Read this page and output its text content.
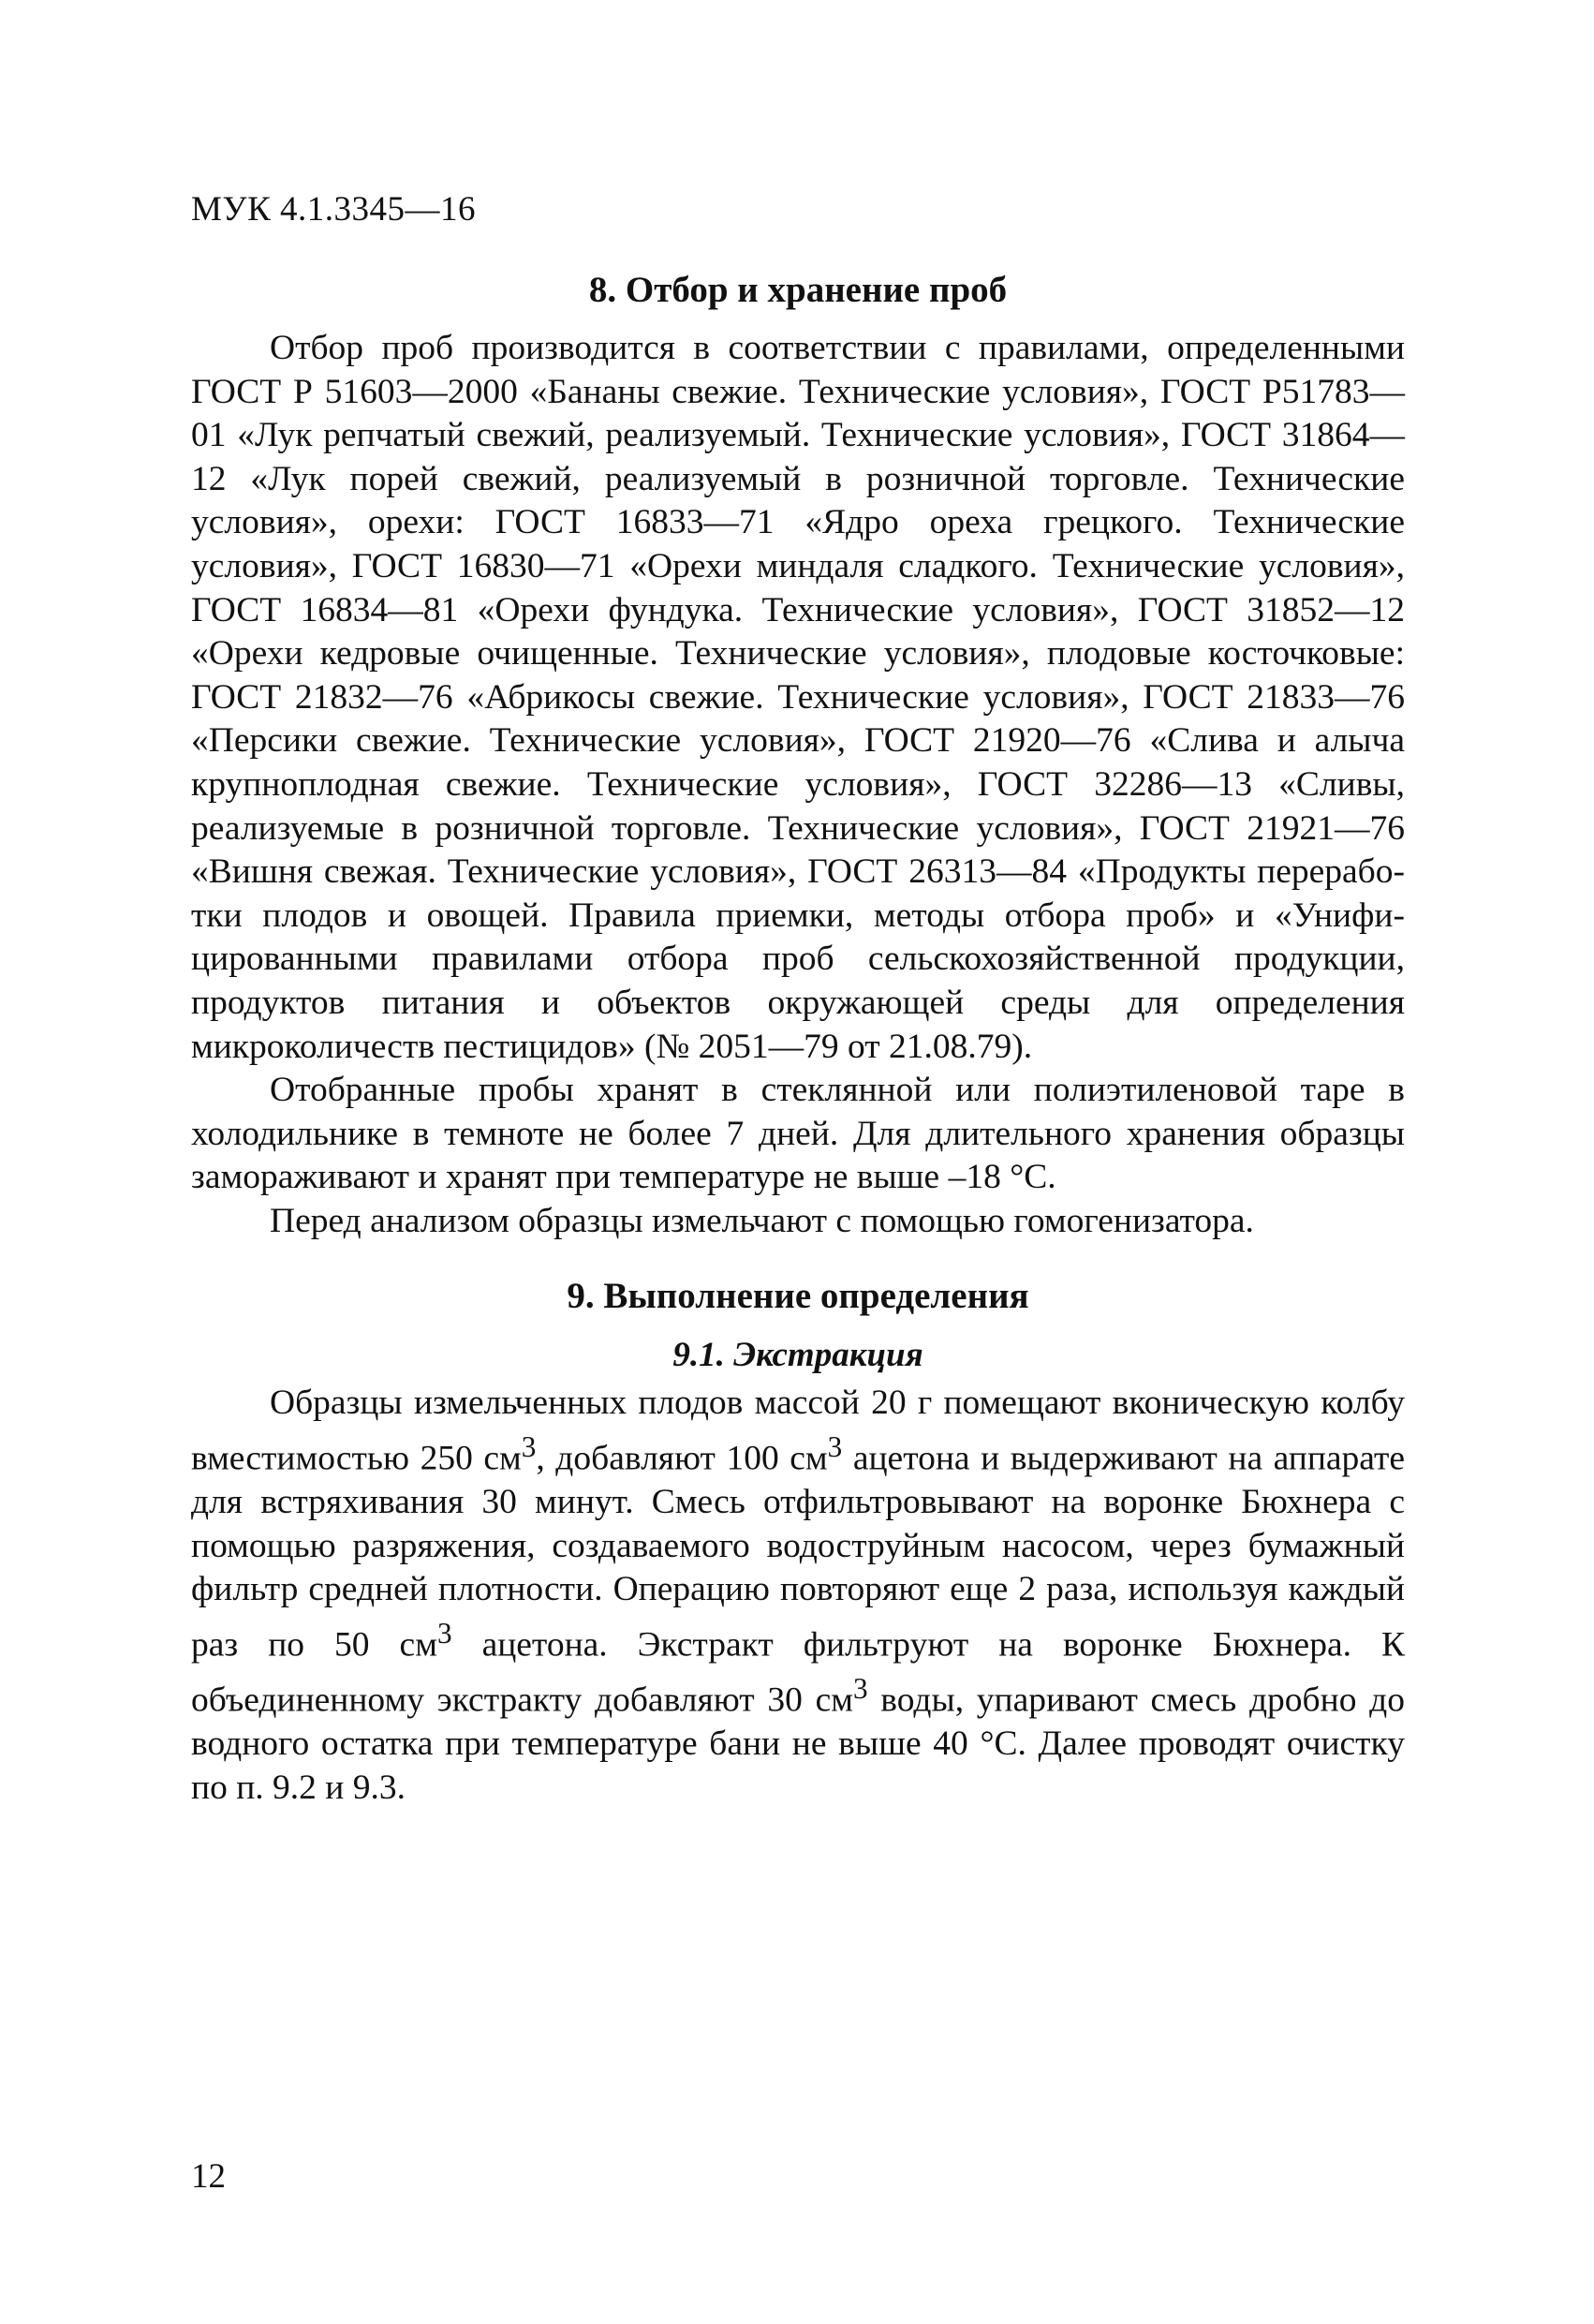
МУК 4.1.3345—16
8. Отбор и хранение проб

Отбор проб производится в соответствии с правилами, определенными ГОСТ Р 51603—2000 «Бананы свежие. Технические условия», ГОСТ Р51783—01 «Лук репчатый свежий, реализуемый. Технические условия», ГОСТ 31864—12 «Лук порей свежий, реализуемый в розничной торговле. Технические условия», орехи: ГОСТ 16833—71 «Ядро ореха грецкого. Технические условия», ГОСТ 16830—71 «Орехи миндаля сладкого. Технические условия», ГОСТ 16834—81 «Орехи фундука. Технические условия», ГОСТ 31852—12 «Орехи кедровые очищенные. Технические условия», плодовые косточковые: ГОСТ 21832—76 «Абрикосы свежие. Технические условия», ГОСТ 21833—76 «Персики свежие. Технические условия», ГОСТ 21920—76 «Слива и алыча крупноплодная свежие. Технические условия», ГОСТ 32286—13 «Сливы, реализуемые в розничной торговле. Технические условия», ГОСТ 21921—76 «Вишня свежая. Технические условия», ГОСТ 26313—84 «Продукты переработки плодов и овощей. Правила приемки, методы отбора проб» и «Унифицированными правилами отбора проб сельскохозяйственной продукции, продуктов питания и объектов окружающей среды для определения микроколичеств пестицидов» (№ 2051—79 от 21.08.79).

Отобранные пробы хранят в стеклянной или полиэтиленовой таре в холодильнике в темноте не более 7 дней. Для длительного хранения образцы замораживают и хранят при температуре не выше –18 °С.

Перед анализом образцы измельчают с помощью гомогенизатора.

9. Выполнение определения
9.1. Экстракция

Образцы измельченных плодов массой 20 г помещают вконическую колбу вместимостью 250 $см^3$, добавляют 100 $см^3$ ацетона и выдерживают на аппарате для встряхивания 30 минут. Смесь отфильтровывают на воронке Бюхнера с помощью разряжения, создаваемого водоструйным насосом, через бумажный фильтр средней плотности. Операцию повторяют еще 2 раза, используя каждый раз по 50 $см^3$ ацетона. Экстракт фильтруют на воронке Бюхнера. К объединенному экстракту добавляют 30 $см^3$ воды, упаривают смесь дробно до водного остатка при температуре бани не выше 40 °С. Далее проводят очистку по п. 9.2 и 9.3.

12
